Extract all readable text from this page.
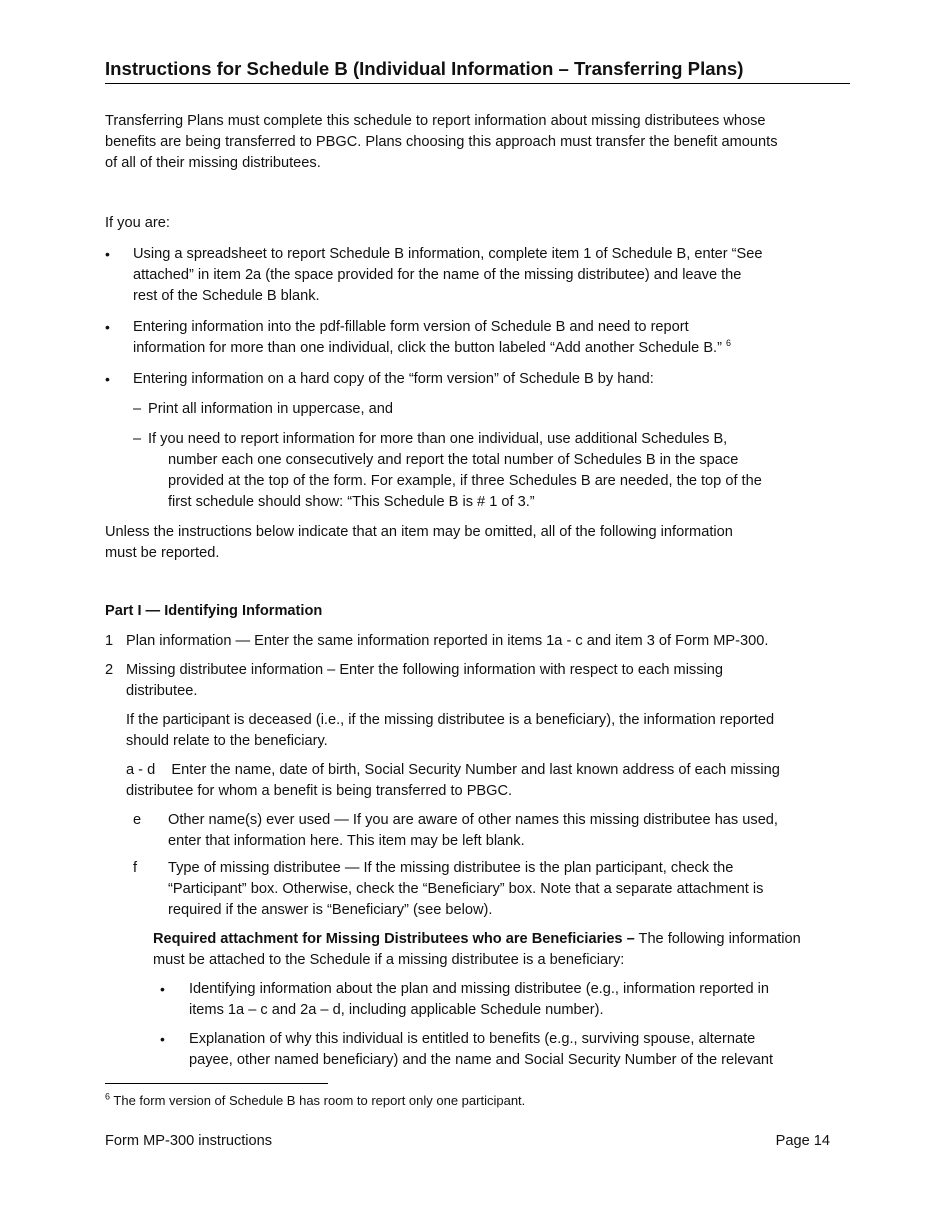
Instructions for Schedule B (Individual Information – Transferring Plans)
Transferring Plans must complete this schedule to report information about missing distributees whose
benefits are being transferred to PBGC. Plans choosing this approach must transfer the benefit amounts
of all of their missing distributees.
If you are:
• Using a spreadsheet to report Schedule B information, complete item 1 of Schedule B, enter “See
attached” in item 2a (the space provided for the name of the missing distributee) and leave the
rest of the Schedule B blank.
• Entering information into the pdf-fillable form version of Schedule B and need to report
information for more than one individual, click the button labeled “Add another Schedule B.” $^6$
• Entering information on a hard copy of the “form version” of Schedule B by hand:
– Print all information in uppercase, and
– If you need to report information for more than one individual, use additional Schedules B,
number each one consecutively and report the total number of Schedules B in the space
provided at the top of the form. For example, if three Schedules B are needed, the top of the
first schedule should show: “This Schedule B is # 1 of 3.”
Unless the instructions below indicate that an item may be omitted, all of the following information
must be reported.
Part I — Identifying Information
1 Plan information — Enter the same information reported in items 1a - c and item 3 of Form MP-300.
2 Missing distributee information – Enter the following information with respect to each missing
distributee.
If the participant is deceased (i.e., if the missing distributee is a beneficiary), the information reported
should relate to the beneficiary.
a - d    Enter the name, date of birth, Social Security Number and last known address of each missing
distributee for whom a benefit is being transferred to PBGC.
e Other name(s) ever used — If you are aware of other names this missing distributee has used,
enter that information here. This item may be left blank.
f Type of missing distributee — If the missing distributee is the plan participant, check the
“Participant” box. Otherwise, check the “Beneficiary” box. Note that a separate attachment is
required if the answer is “Beneficiary” (see below).
Required attachment for Missing Distributees who are Beneficiaries – The following information
must be attached to the Schedule if a missing distributee is a beneficiary:
• Identifying information about the plan and missing distributee (e.g., information reported in
items 1a – c and 2a – d, including applicable Schedule number).
• Explanation of why this individual is entitled to benefits (e.g., surviving spouse, alternate
payee, other named beneficiary) and the name and Social Security Number of the relevant
$^6$ The form version of Schedule B has room to report only one participant.
Form MP-300 instructions	Page 14
